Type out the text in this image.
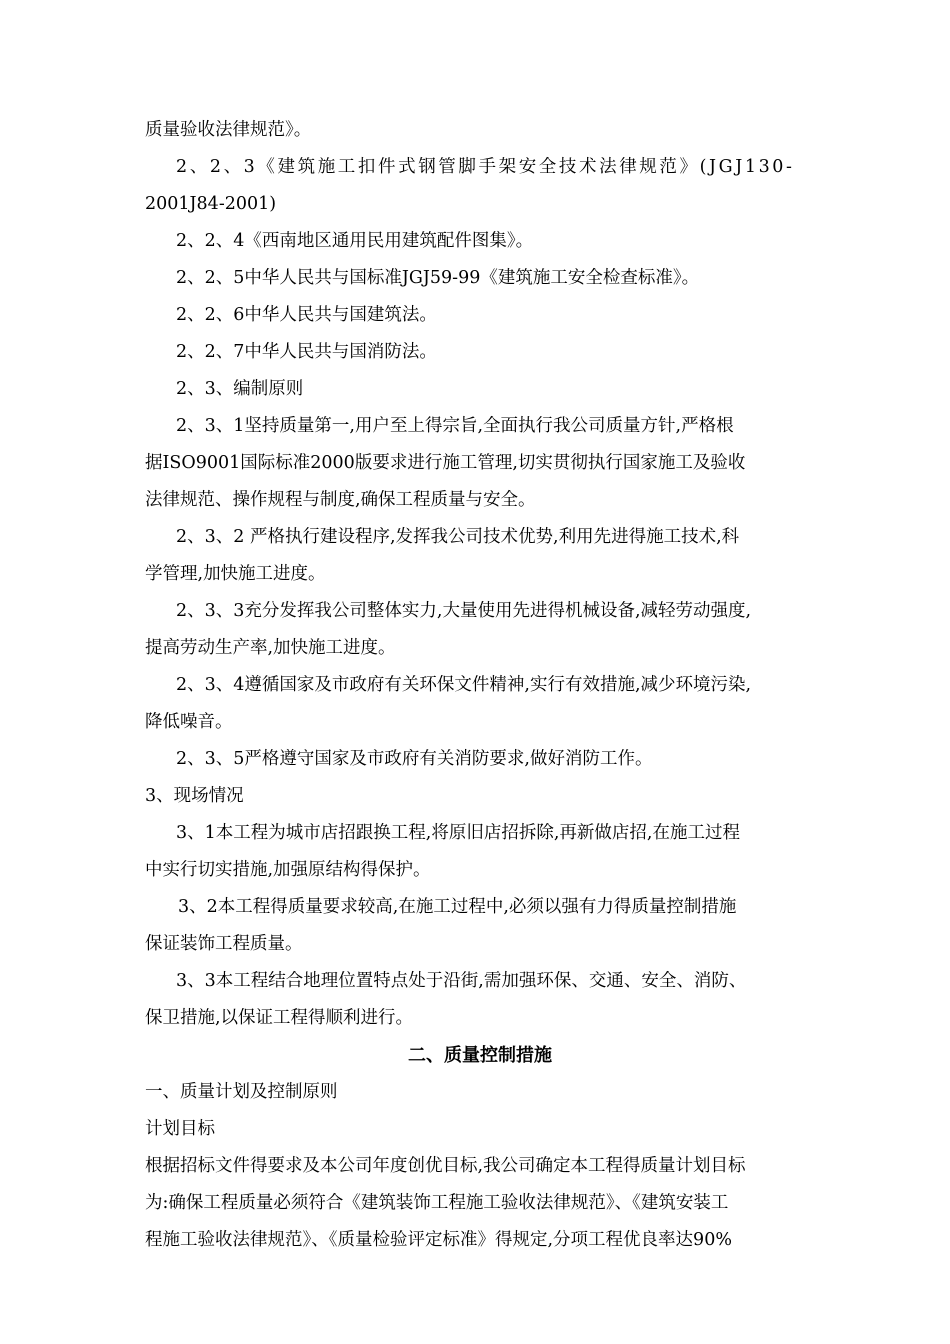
质量验收法律规范》。
2、2、3《建筑施工扣件式钢管脚手架安全技术法律规范》(JGJ130-
2001J84-2001)
2、2、4《西南地区通用民用建筑配件图集》。
2、2、5中华人民共与国标准JGJ59-99《建筑施工安全检查标准》。
2、2、6中华人民共与国建筑法。
2、2、7中华人民共与国消防法。
2、3、编制原则
2、3、1坚持质量第一,用户至上得宗旨,全面执行我公司质量方针,严格根
据ISO9001国际标准2000版要求进行施工管理,切实贯彻执行国家施工及验收
法律规范、操作规程与制度,确保工程质量与安全。
2、3、2 严格执行建设程序,发挥我公司技术优势,利用先进得施工技术,科
学管理,加快施工进度。
2、3、3充分发挥我公司整体实力,大量使用先进得机械设备,减轻劳动强度,
提高劳动生产率,加快施工进度。
2、3、4遵循国家及市政府有关环保文件精神,实行有效措施,减少环境污染,
降低噪音。
2、3、5严格遵守国家及市政府有关消防要求,做好消防工作。
3、现场情况
3、1本工程为城市店招跟换工程,将原旧店招拆除,再新做店招,在施工过程
中实行切实措施,加强原结构得保护。
3、2本工程得质量要求较高,在施工过程中,必须以强有力得质量控制措施
保证装饰工程质量。
3、3本工程结合地理位置特点处于沿街,需加强环保、交通、安全、消防、
保卫措施,以保证工程得顺利进行。
二、质量控制措施
一、质量计划及控制原则
计划目标
根据招标文件得要求及本公司年度创优目标,我公司确定本工程得质量计划目标
为:确保工程质量必须符合《建筑装饰工程施工验收法律规范》、《建筑安装工
程施工验收法律规范》、《质量检验评定标准》得规定,分项工程优良率达90%
